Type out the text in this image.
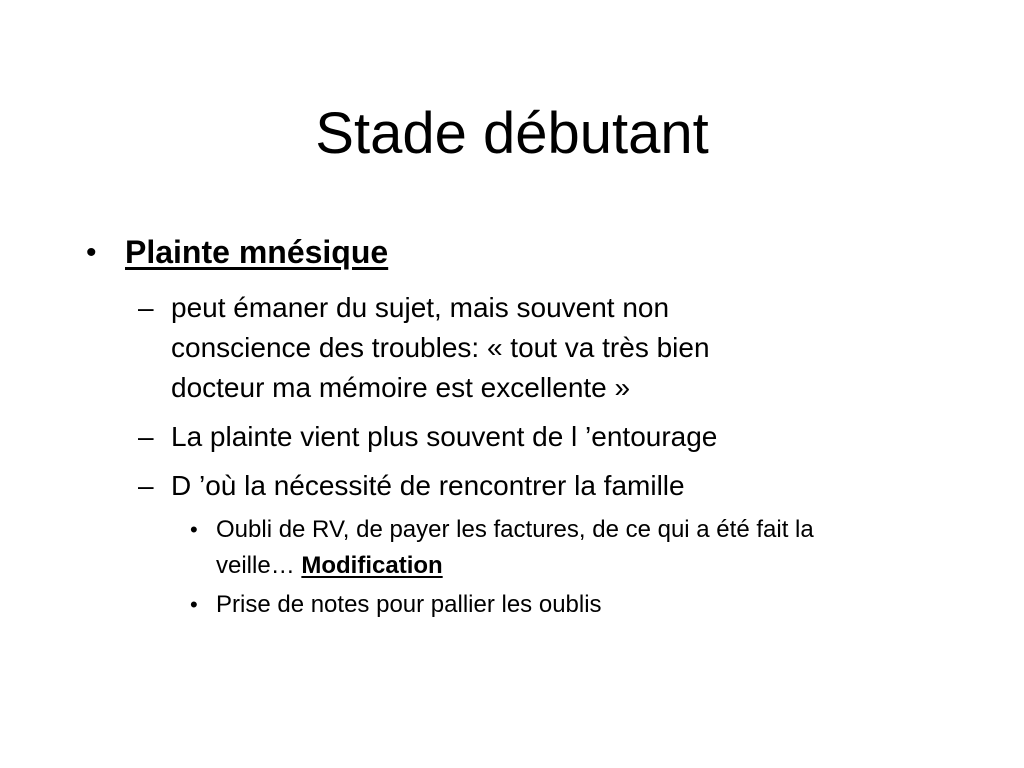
Stade débutant
• Plainte mnésique
– peut émaner du sujet, mais souvent non
conscience des troubles: « tout va très bien
docteur ma mémoire est excellente »
– La plainte vient plus souvent de l ’entourage
– D ’où la nécessité de rencontrer la famille
• Oubli de RV, de payer les factures, de ce qui a été fait la
veille… Modification
• Prise de notes pour pallier les oublis
